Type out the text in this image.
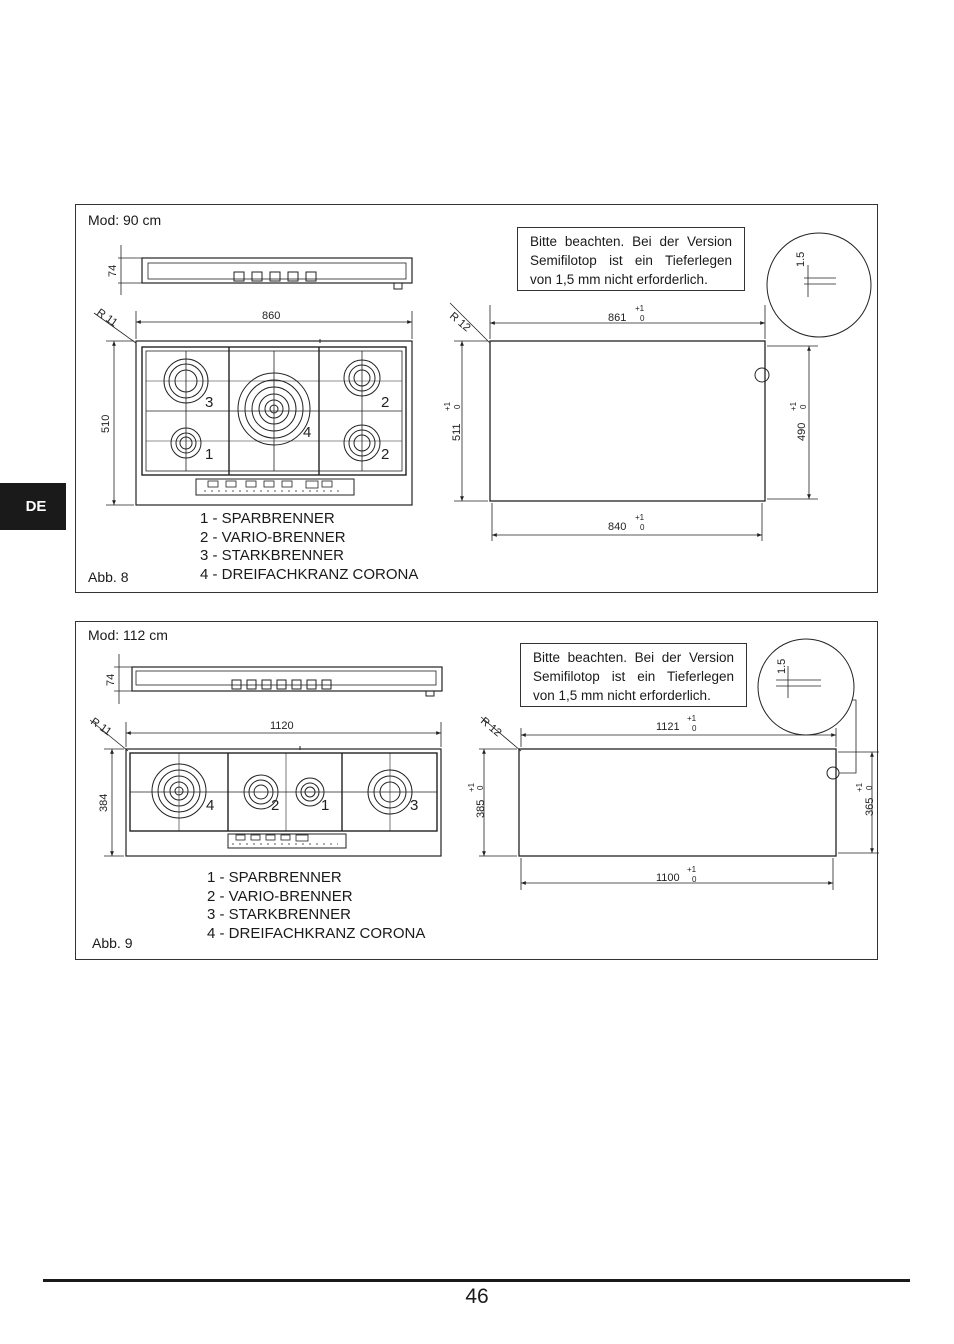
DE
74
3	2
4
1	2
860
510
R 11	861
+1
0
840
+1
0
511
+1 0
490
+1 0
R 12
1.5
Mod: 90 cm
Bitte beachten. Bei der Version
Semifilotop ist ein Tieferlegen
von 1,5 mm nicht erforderlich.
1 - SPARBRENNER
2 - VARIO-BRENNER
3 - STARKBRENNER
4 - DREIFACHKRANZ CORONA
Abb. 8
74
4	2	1	3
1120
384
R 11	1121
+1
0
1100
+1
0
385
+1 0
365
+1 0
R 12
1.5
Mod: 112 cm
Bitte beachten. Bei der Version
Semifilotop ist ein Tieferlegen
von 1,5 mm nicht erforderlich.
1 - SPARBRENNER
2 - VARIO-BRENNER
3 - STARKBRENNER
4 - DREIFACHKRANZ CORONA
Abb. 9
46
